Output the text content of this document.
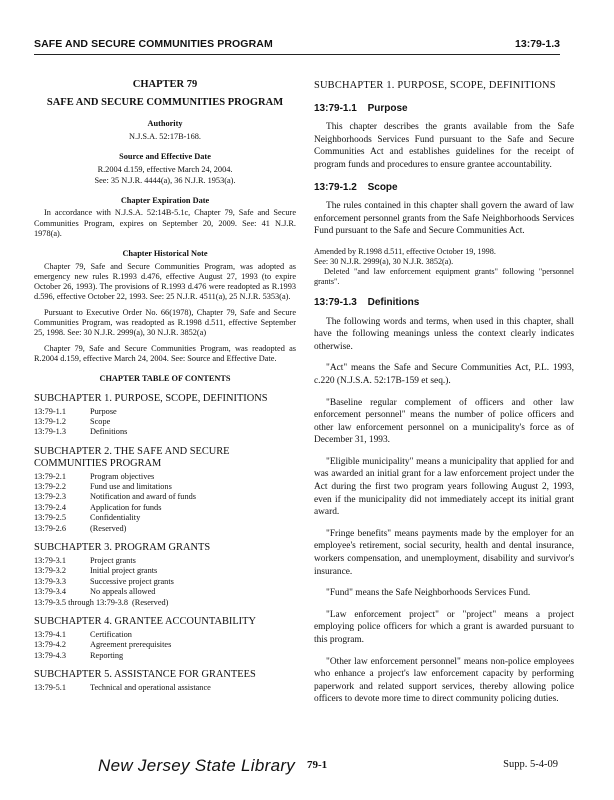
SAFE AND SECURE COMMUNITIES PROGRAM	13:79-1.3
CHAPTER 79
SAFE AND SECURE COMMUNITIES PROGRAM
Authority
N.J.S.A. 52:17B-168.
Source and Effective Date
R.2004 d.159, effective March 24, 2004.
See: 35 N.J.R. 4444(a), 36 N.J.R. 1953(a).
Chapter Expiration Date
In accordance with N.J.S.A. 52:14B-5.1c, Chapter 79, Safe and Secure Communities Program, expires on September 20, 2009. See: 41 N.J.R. 1978(a).
Chapter Historical Note
Chapter 79, Safe and Secure Communities Program, was adopted as emergency new rules R.1993 d.476, effective August 27, 1993 (to expire October 26, 1993). The provisions of R.1993 d.476 were readopted as R.1993 d.596, effective October 22, 1993. See: 25 N.J.R. 4511(a), 25 N.J.R. 5353(a).
Pursuant to Executive Order No. 66(1978), Chapter 79, Safe and Secure Communities Program, was readopted as R.1998 d.511, effective September 25, 1998. See: 30 N.J.R. 2999(a), 30 N.J.R. 3852(a)
Chapter 79, Safe and Secure Communities Program, was readopted as R.2004 d.159, effective March 24, 2004. See: Source and Effective Date.
CHAPTER TABLE OF CONTENTS
SUBCHAPTER 1. PURPOSE, SCOPE, DEFINITIONS
13:79-1.1	Purpose
13:79-1.2	Scope
13:79-1.3	Definitions
SUBCHAPTER 2. THE SAFE AND SECURE COMMUNITIES PROGRAM
13:79-2.1	Program objectives
13:79-2.2	Fund use and limitations
13:79-2.3	Notification and award of funds
13:79-2.4	Application for funds
13:79-2.5	Confidentiality
13:79-2.6	(Reserved)
SUBCHAPTER 3. PROGRAM GRANTS
13:79-3.1	Project grants
13:79-3.2	Initial project grants
13:79-3.3	Successive project grants
13:79-3.4	No appeals allowed
13:79-3.5 through 13:79-3.8 (Reserved)
SUBCHAPTER 4. GRANTEE ACCOUNTABILITY
13:79-4.1	Certification
13:79-4.2	Agreement prerequisites
13:79-4.3	Reporting
SUBCHAPTER 5. ASSISTANCE FOR GRANTEES
13:79-5.1	Technical and operational assistance
SUBCHAPTER 1. PURPOSE, SCOPE, DEFINITIONS
13:79-1.1 Purpose
This chapter describes the grants available from the Safe Neighborhoods Services Fund pursuant to the Safe and Secure Communities Act and establishes guidelines for the receipt of program funds and procedures to ensure grantee accountability.
13:79-1.2 Scope
The rules contained in this chapter shall govern the award of law enforcement personnel grants from the Safe Neighborhoods Services Fund pursuant to the Safe and Secure Communities Act.
Amended by R.1998 d.511, effective October 19, 1998.
See: 30 N.J.R. 2999(a), 30 N.J.R. 3852(a).
Deleted "and law enforcement equipment grants" following "personnel grants".
13:79-1.3 Definitions
The following words and terms, when used in this chapter, shall have the following meanings unless the context clearly indicates otherwise.
"Act" means the Safe and Secure Communities Act, P.L. 1993, c.220 (N.J.S.A. 52:17B-159 et seq.).
"Baseline regular complement of officers and other law enforcement personnel" means the number of police officers and other law enforcement personnel on a municipality's force as of December 31, 1993.
"Eligible municipality" means a municipality that applied for and was awarded an initial grant for a law enforcement project under the Act during the first two program years following August 2, 1993, even if the municipality did not immediately accept its initial grant award.
"Fringe benefits" means payments made by the employer for an employee's retirement, social security, health and dental insurance, workers compensation, and unemployment, disability and survivor's insurance.
"Fund" means the Safe Neighborhoods Services Fund.
"Law enforcement project" or "project" means a project employing police officers for which a grant is awarded pursuant to this program.
"Other law enforcement personnel" means non-police employees who enhance a project's law enforcement capacity by performing paperwork and related support services, thereby allowing police officers to devote more time to direct community policing duties.
New Jersey State Library 79-1	Supp. 5-4-09
